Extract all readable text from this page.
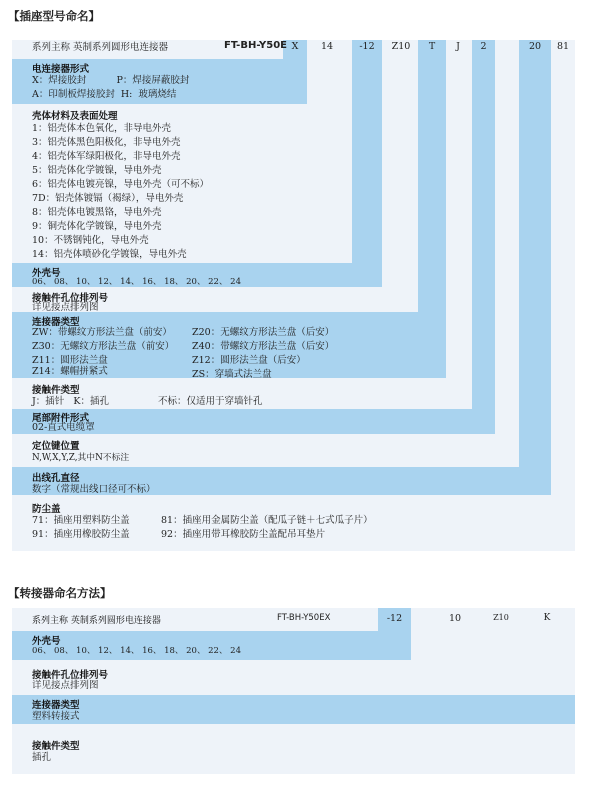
【插座型号命名】
系列主称 英制系列圆形电连接器	FT-BH-Y50E X	14	-12	Z10	T	J	2	20	81
电连接器形式
X：焊接胶封          P：焊接屏蔽胶封
A：印制板焊接胶封  H:  玻璃烧结
壳体材料及表面处理
1：铝壳体本色氧化，非导电外壳
3：铝壳体黑色阳极化，非导电外壳
4：铝壳体军绿阳极化，非导电外壳
5：铝壳体化学镀镍，导电外壳
6：铝壳体电镀亮镍，导电外壳（可不标）
7D：铝壳体镀镉（褐绿），导电外壳
8：铝壳体电镀黑铬，导电外壳
9：铜壳体化学镀镍，导电外壳
10：不锈钢钝化，导电外壳
14：铝壳体喷砂化学镀镍，导电外壳
外壳号
06、 08、 10、 12、 14、 16、 18、 20、 22、 24
接触件孔位排列号
详见接点排列图
连接器类型
ZW：带螺纹方形法兰盘（前安）
Z30：无螺纹方形法兰盘（前安）
Z11：圆形法兰盘
Z14：螺帽拼紧式
Z20：无螺纹方形法兰盘（后安）
Z40：带螺纹方形法兰盘（后安）
Z12：圆形法兰盘（后安）
ZS：穿墙式法兰盘
接触件类型
J：插针   K：插孔	不标：仅适用于穿墙针孔
尾部附件形式
02-直式电缆罩
定位键位置
N,W,X,Y,Z,其中N不标注
出线孔直径
数字（常规出线口径可不标）
防尘盖
71：插座用塑料防尘盖	81：插座用金属防尘盖（配瓜子链＋七式瓜子片）
91：插座用橡胶防尘盖	92：插座用带耳橡胶防尘盖配吊耳垫片
【转接器命名方法】
系列主称 英制系列圆形电连接器	FT-BH-Y50EX	-12	10	Z10	K
外壳号
06、 08、 10、 12、 14、 16、 18、 20、 22、 24
接触件孔位排列号
详见接点排列图
连接器类型
塑料转接式
接触件类型
插孔
